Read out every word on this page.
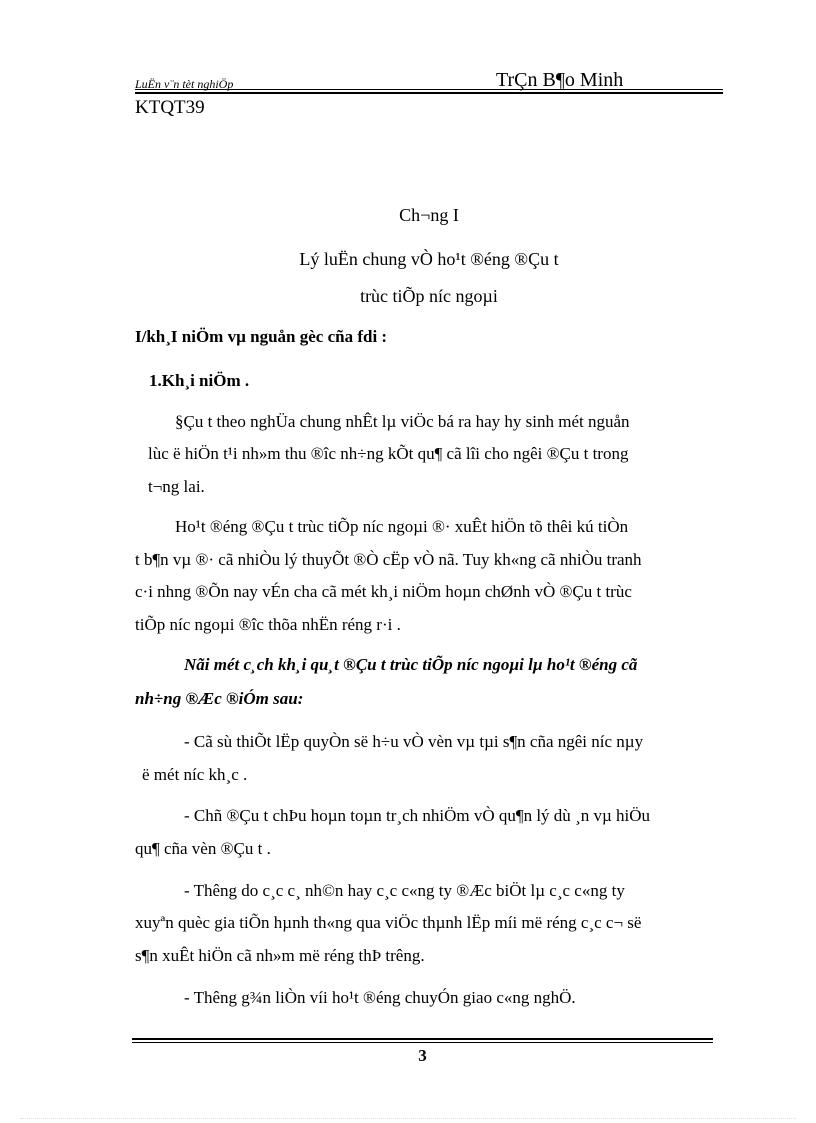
LuËn v¨n tèt nghiÖp	TrÇn B¶o Minh
KTQT39
Ch¬ng I
Lý luËn chung vÒ ho¹t ®éng ®Çu t
trùc tiÕp níc ngoµi
I/kh¸I niÖm vµ nguån gèc cña fdi :
1.Kh¸i niÖm .
§Çu t theo nghÜa chung nhÊt lµ viÖc bá ra hay hy sinh mét nguån
lùc ë hiÖn t¹i nh»m thu ®îc nh÷ng kÕt qu¶ cã lîi cho ngêi ®Çu t trong
t¬ng lai.
Ho¹t ®éng ®Çu t trùc tiÕp níc ngoµi ®· xuÊt hiÖn tõ thêi kú tiÒn
t b¶n vµ ®· cã nhiÒu lý thuyÕt ®Ò cËp vÒ nã. Tuy kh«ng cã nhiÒu tranh
c·i nhng ®Õn nay vÉn cha cã mét kh¸i niÖm hoµn chØnh vÒ ®Çu t trùc
tiÕp níc ngoµi ®îc thõa nhËn réng r·i .
Nãi mét c¸ch kh¸i qu¸t ®Çu t trùc tiÕp níc ngoµi lµ ho¹t ®éng cã
nh÷ng ®Æc ®iÓm sau:
- Cã sù thiÕt lËp quyÒn së h÷u vÒ vèn vµ tµi s¶n cña ngêi níc nµy
ë mét níc kh¸c .
- Chñ ®Çu t chÞu hoµn toµn tr¸ch nhiÖm vÒ qu¶n lý dù ¸n vµ hiÖu
qu¶ cña vèn ®Çu t .
- Thêng do c¸c c¸ nh©n hay c¸c c«ng ty ®Æc biÖt lµ c¸c c«ng ty
xuyªn quèc gia tiÕn hµnh th«ng qua viÖc thµnh lËp míi më réng c¸c c¬ së
s¶n xuÊt hiÖn cã nh»m më réng thÞ trêng.
- Thêng g¾n liÒn víi ho¹t ®éng chuyÓn giao c«ng nghÖ.
3
